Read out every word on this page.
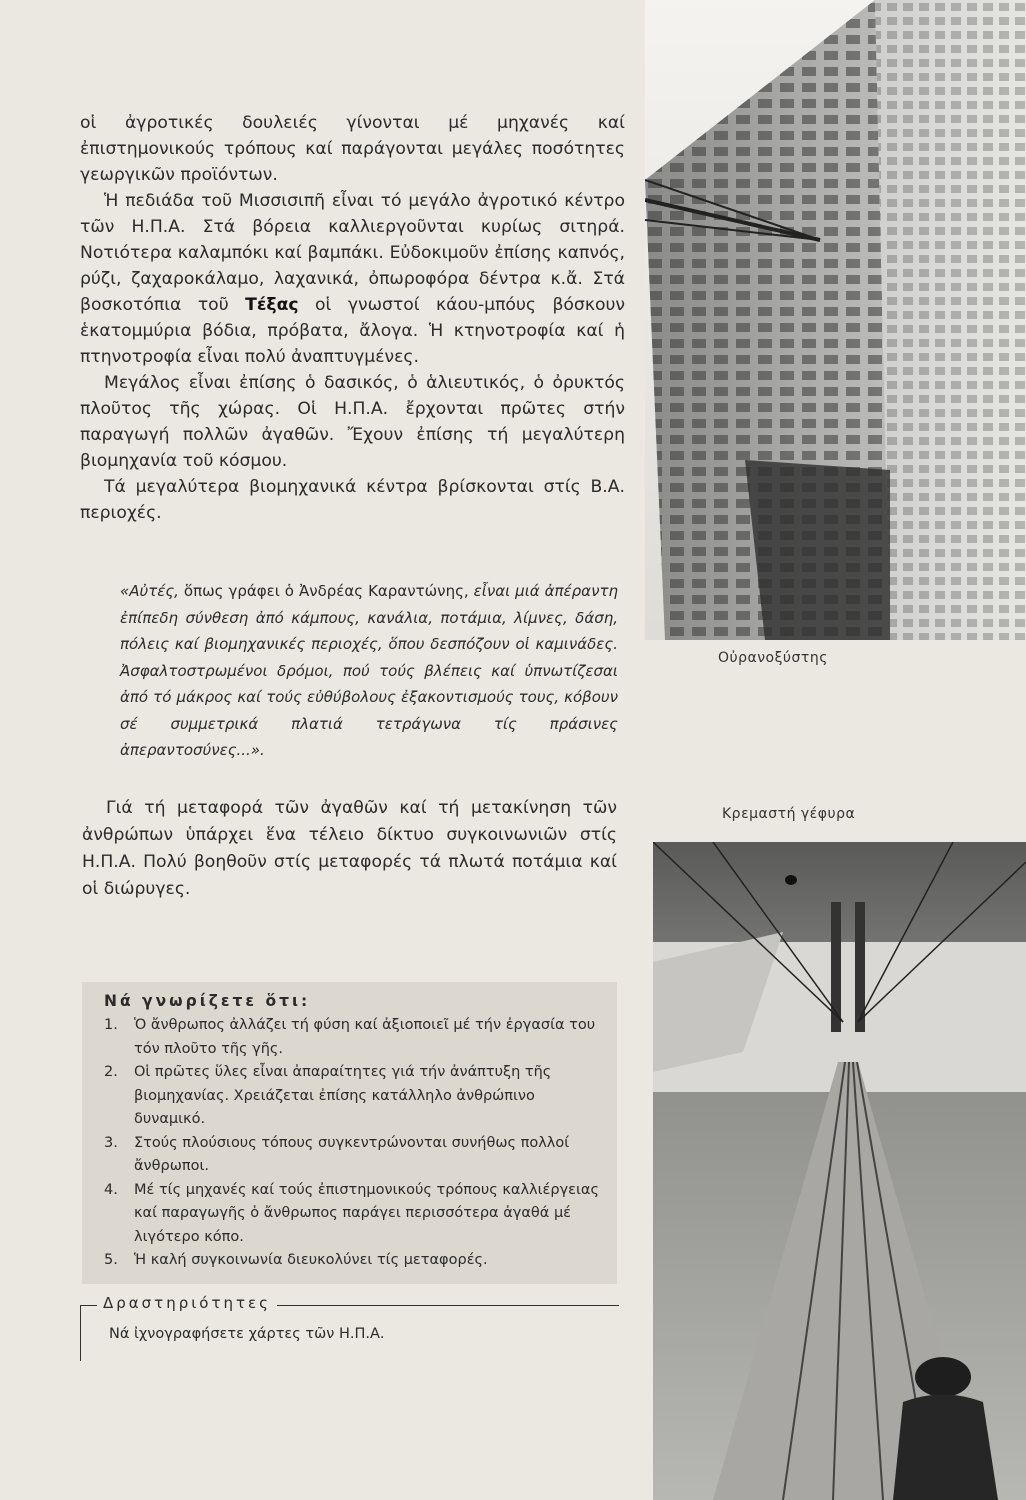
οἱ ἀγροτικές δουλειές γίνονται μέ μηχανές καί ἐπιστημονικούς τρόπους καί παράγονται μεγάλες ποσότητες γεωργικῶν προϊόντων.

Ἡ πεδιάδα τοῦ Μισσισιπῆ εἶναι τό μεγάλο ἀγροτικό κέντρο τῶν Η.Π.Α. Στά βόρεια καλλιεργοῦνται κυρίως σιτηρά. Νοτιότερα καλαμπόκι καί βαμπάκι. Εὐδοκιμοῦν ἐπίσης καπνός, ρύζι, ζαχαροκάλαμο, λαχανικά, ὀπωροφόρα δέντρα κ.ἄ. Στά βοσκοτόπια τοῦ Τέξας οἱ γνωστοί κάου-μπόυς βόσκουν ἑκατομμύρια βόδια, πρόβατα, ἄλογα. Ἡ κτηνοτροφία καί ἡ πτηνοτροφία εἶναι πολύ ἀναπτυγμένες.

Μεγάλος εἶναι ἐπίσης ὁ δασικός, ὁ ἁλιευτικός, ὁ ὀρυκτός πλοῦτος τῆς χώρας. Οἱ Η.Π.Α. ἔρχονται πρῶτες στήν παραγωγή πολλῶν ἀγαθῶν. Ἔχουν ἐπίσης τή μεγαλύτερη βιομηχανία τοῦ κόσμου.

Τά μεγαλύτερα βιομηχανικά κέντρα βρίσκονται στίς Β.Α. περιοχές.

«Αὐτές, ὅπως γράφει ὁ Ἀνδρέας Καραντώνης, εἶναι μιά ἀπέραντη ἐπίπεδη σύνθεση ἀπό κάμπους, κανάλια, ποτάμια, λίμνες, δάση, πόλεις καί βιομηχανικές περιοχές, ὅπου δεσπόζουν οἱ καμινάδες. Ἀσφαλτοστρωμένοι δρόμοι, πού τούς βλέπεις καί ὑπνωτίζεσαι ἀπό τό μάκρος καί τούς εὐθύβολους ἐξακοντισμούς τους, κόβουν σέ συμμετρικά πλατιά τετράγωνα τίς πράσινες ἀπεραντοσύνες...».

Γιά τή μεταφορά τῶν ἀγαθῶν καί τή μετακίνηση τῶν ἀνθρώπων ὑπάρχει ἕνα τέλειο δίκτυο συγκοινωνιῶν στίς Η.Π.Α. Πολύ βοηθοῦν στίς μεταφορές τά πλωτά ποτάμια καί οἱ διώρυγες.

Νά γνωρίζετε ὅτι:
1. Ὁ ἄνθρωπος ἀλλάζει τή φύση καί ἀξιοποιεῖ μέ τήν ἐργασία του τόν πλοῦτο τῆς γῆς.
2. Οἱ πρῶτες ὕλες εἶναι ἀπαραίτητες γιά τήν ἀνάπτυξη τῆς βιομηχανίας. Χρειάζεται ἐπίσης κατάλληλο ἀνθρώπινο δυναμικό.
3. Στούς πλούσιους τόπους συγκεντρώνονται συνήθως πολλοί ἄνθρωποι.
4. Μέ τίς μηχανές καί τούς ἐπιστημονικούς τρόπους καλλιέργειας καί παραγωγῆς ὁ ἄνθρωπος παράγει περισσότερα ἀγαθά μέ λιγότερο κόπο.
5. Ἡ καλή συγκοινωνία διευκολύνει τίς μεταφορές.
Δραστηριότητες
Νά ἰχνογραφήσετε χάρτες τῶν Η.Π.Α.
Οὐρανοξύστης
Κρεμαστή γέφυρα
